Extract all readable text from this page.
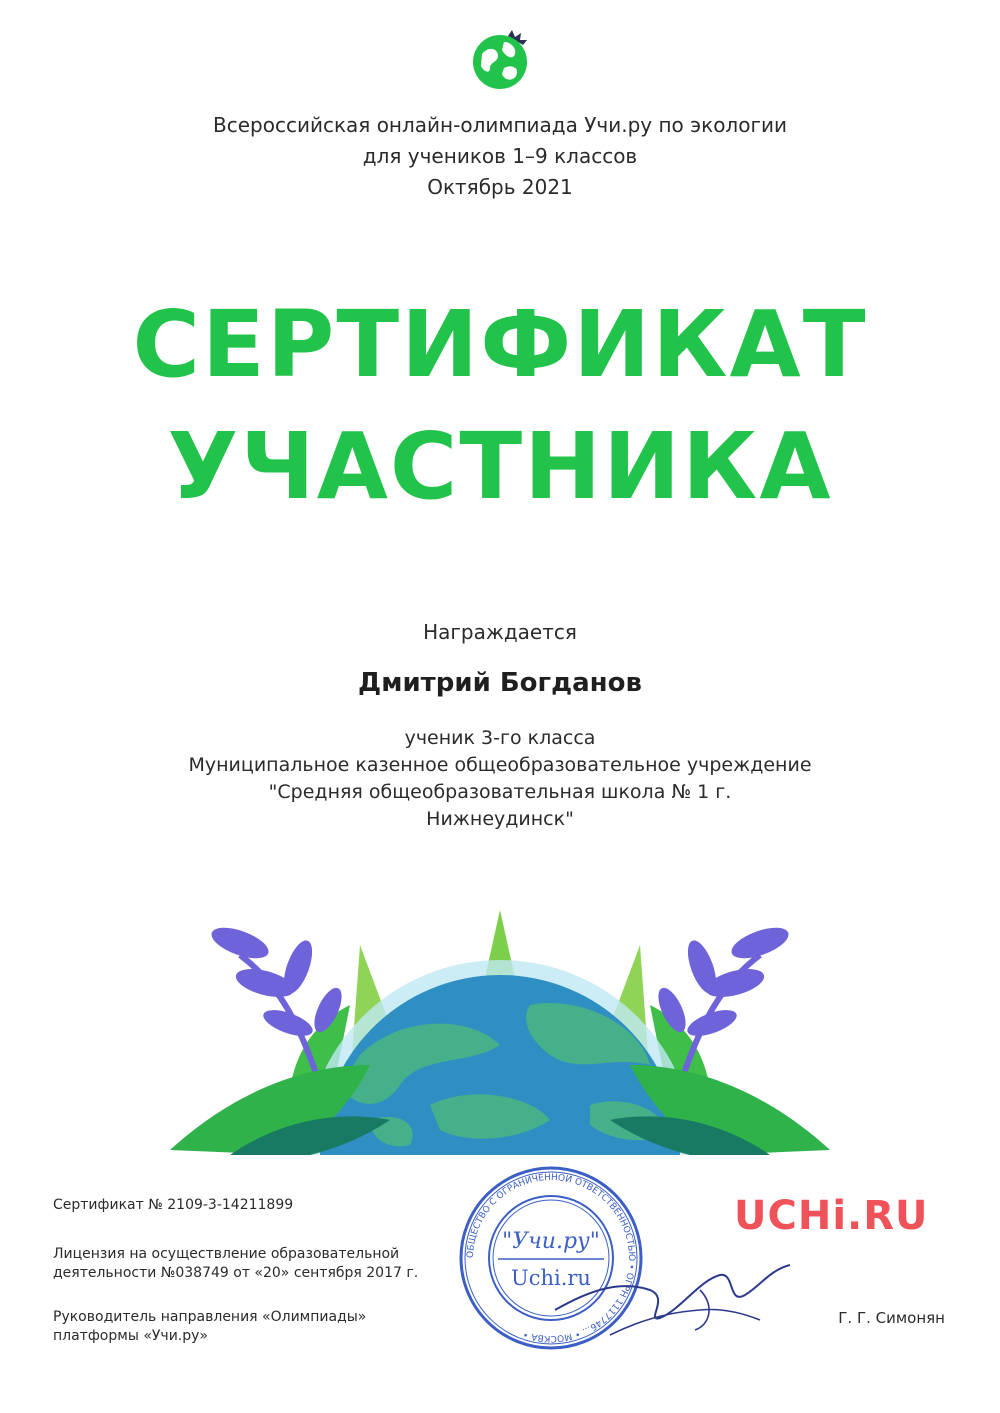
Всероссийская онлайн-олимпиада Учи.ру по экологии
для учеников 1–9 классов
Октябрь 2021
СЕРТИФИКАТ
УЧАСТНИКА
Награждается
Дмитрий Богданов
ученик 3-го класса
Муниципальное казенное общеобразовательное учреждение
"Средняя общеобразовательная школа № 1 г.
Нижнеудинск"
Сертификат № 2109-3-14211899
Лицензия на осуществление образовательной
деятельности №038749 от «20» сентября 2017 г.
Руководитель направления «Олимпиады»
платформы «Учи.ру»
ОБЩЕСТВО С ОГРАНИЧЕННОЙ ОТВЕТСТВЕННОСТЬЮ • ОГРН 1117746... • МОСКВА •
"Учи.ру"
Uchi.ru
UCHi.RU
Г. Г. Симонян
